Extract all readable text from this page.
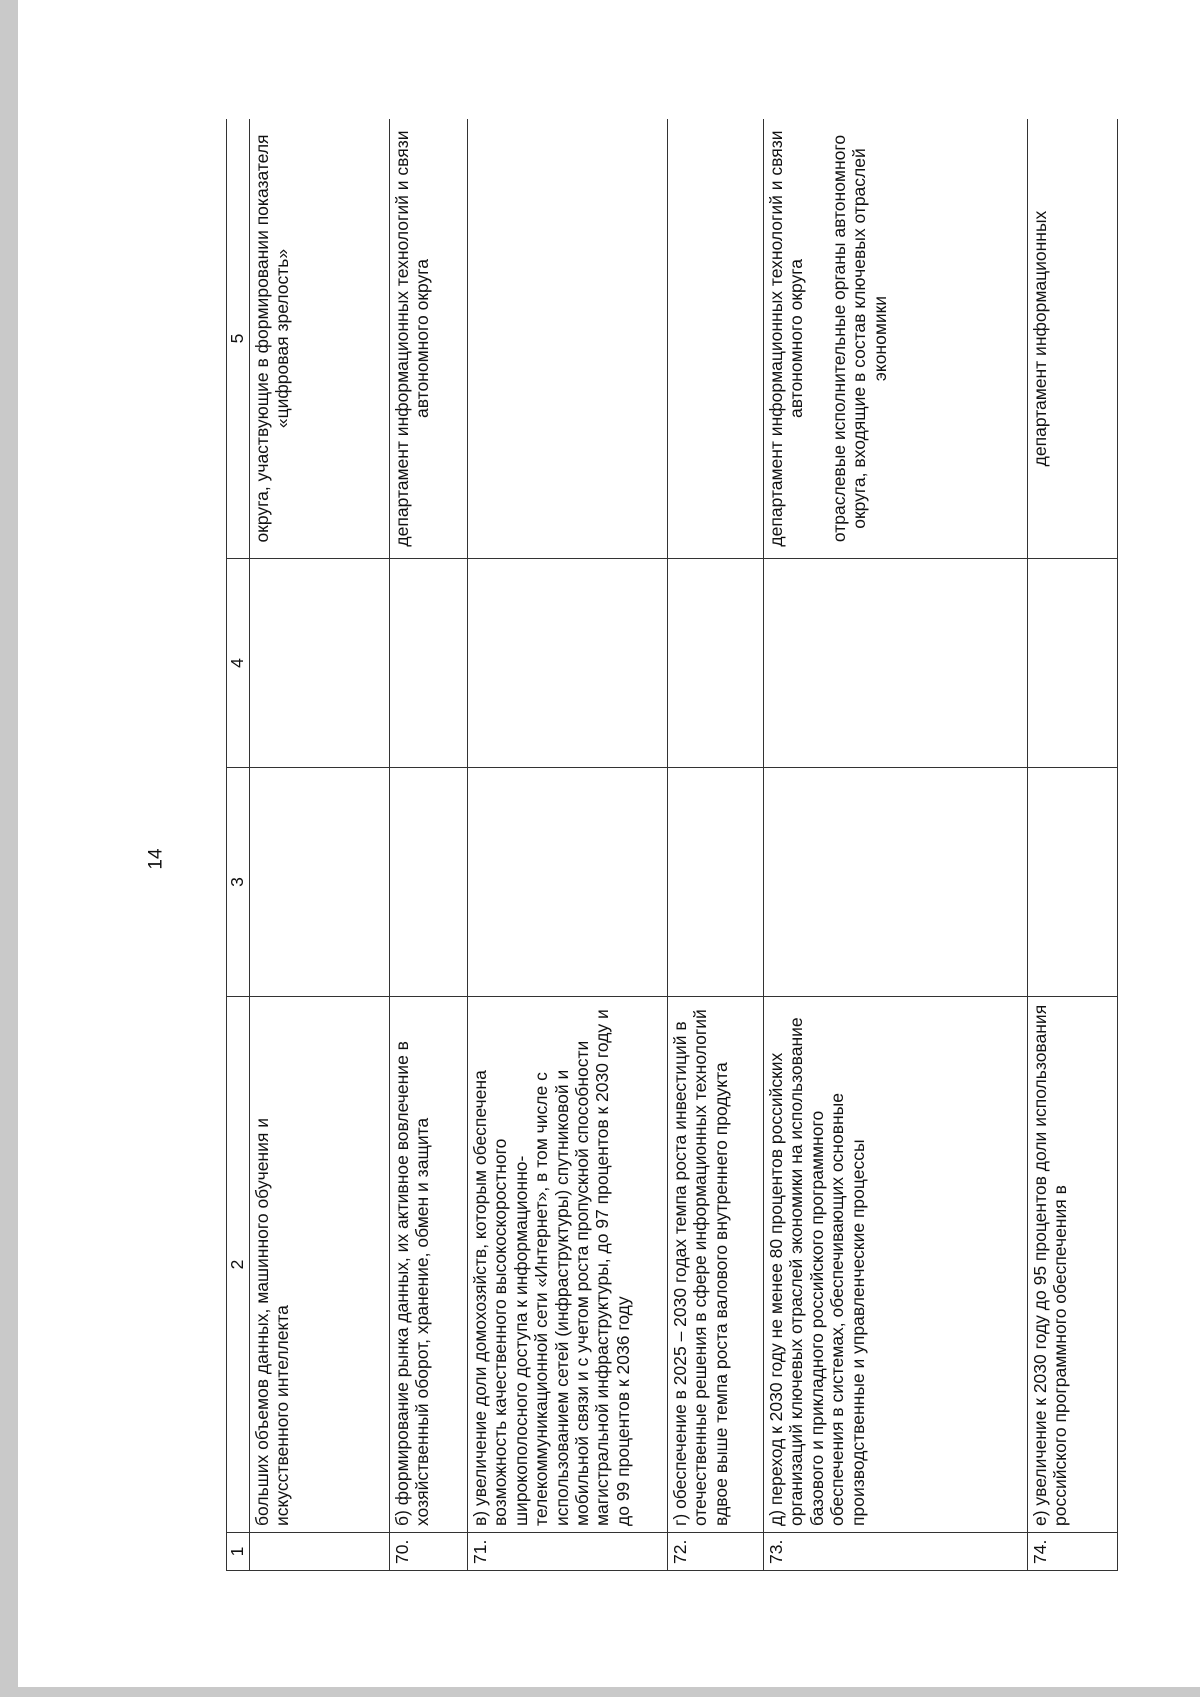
14
1	2	3	4	5
	больших объемов данных, машинного обучения и искусственного интеллекта			округа, участвующие в формировании показателя «цифровая зрелость»

70.	б) формирование рынка данных, их активное вовлечение в хозяйственный оборот, хранение, обмен и защита			департамент информационных технологий и связи автономного округа

71.	в) увеличение доли домохозяйств, которым обеспечена возможность качественного высокоскоростного широкополосного доступа к информационно-телекоммуникационной сети «Интернет», в том числе с использованием сетей (инфраструктуры) спутниковой и мобильной связи и с учетом роста пропускной способности магистральной инфраструктуры, до 97 процентов к 2030 году и до 99 процентов к 2036 году			
72.	г) обеспечение в 2025 – 2030 годах темпа роста инвестиций в отечественные решения в сфере информационных технологий вдвое выше темпа роста валового внутреннего продукта			
73.	д) переход к 2030 году не менее 80 процентов российских организаций ключевых отраслей экономики на использование базового и прикладного российского программного обеспечения в системах, обеспечивающих основные производственные и управленческие процессы			департамент информационных технологий и связи автономного округа отраслевые исполнительные органы автономного округа, входящие в состав ключевых отраслей экономики

74.	е) увеличение к 2030 году до 95 процентов доли использования российского программного обеспечения в			департамент информационных
